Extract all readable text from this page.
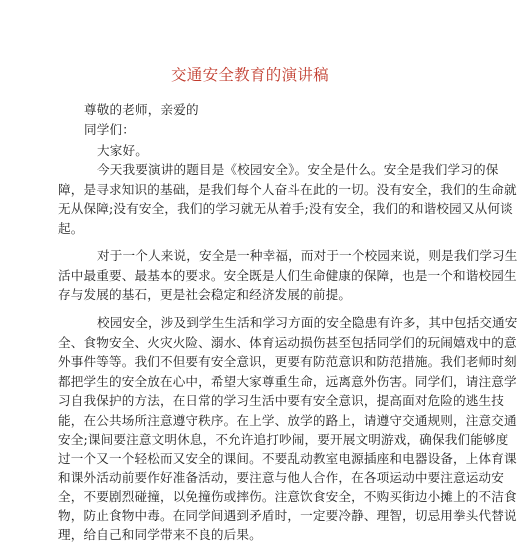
交通安全教育的演讲稿
尊敬的老师，亲爱的
同学们：
大家好。
今天我要演讲的题目是《校园安全》。安全是什么。安全是我们学习的保
障，是寻求知识的基础，是我们每个人奋斗在此的一切。没有安全，我们的生命就
无从保障;没有安全，我们的学习就无从着手;没有安全，我们的和谐校园又从何谈
起。
对于一个人来说，安全是一种幸福，而对于一个校园来说，则是我们学习生
活中最重要、最基本的要求。安全既是人们生命健康的保障，也是一个和谐校园生
存与发展的基石，更是社会稳定和经济发展的前提。
校园安全，涉及到学生生活和学习方面的安全隐患有许多，其中包括交通安
全、食物安全、火灾火险、溺水、体育运动损伤甚至包括同学们的玩闹嬉戏中的意
外事件等等。我们不但要有安全意识，更要有防范意识和防范措施。我们老师时刻
都把学生的安全放在心中，希望大家尊重生命，远离意外伤害。同学们，请注意学
习自我保护的方法，在日常的学习生活中要有安全意识，提高面对危险的逃生技
能，在公共场所注意遵守秩序。在上学、放学的路上，请遵守交通规则，注意交通
安全;课间要注意文明休息，不允许追打吵闹，要开展文明游戏，确保我们能够度
过一个又一个轻松而又安全的课间。不要乱动教室电源插座和电器设备，上体育课
和课外活动前要作好准备活动，要注意与他人合作，在各项运动中要注意运动安
全，不要剧烈碰撞，以免撞伤或摔伤。注意饮食安全，不购买街边小摊上的不洁食
物，防止食物中毒。在同学间遇到矛盾时，一定要冷静、理智，切忌用拳头代替说
理，给自己和同学带来不良的后果。
